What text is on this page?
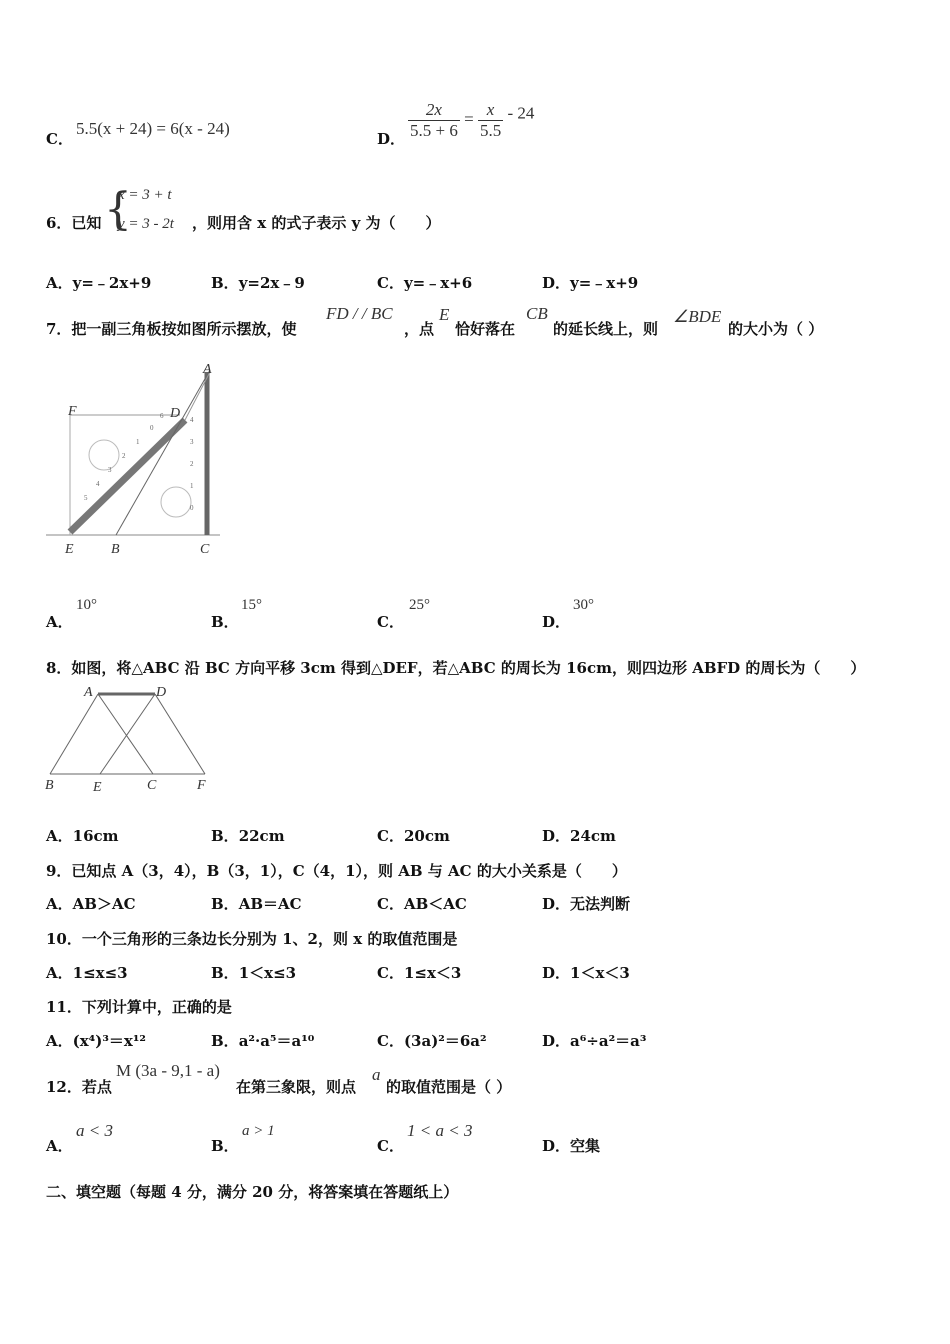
C．
5.5(x + 24) = 6(x - 24)
D． $\frac{2x}{5.5 + 6} = \frac{x}{5.5} - 24$
6．已知 {
x = 3 + t
y = 3 - 2t ，则用含 x 的式子表示 y 为（　　）
A．y=﹣2x+9	B．y=2x﹣9	C．y=﹣x+6	D．y=﹣x+9
7．把一副三角板按如图所示摆放，使
FD / / BC
，点
E
恰好落在
CB
的延长线上，则
∠BDE
的大小为（ ）
0
1
2
3
4
5
6
0
1
2
3
4
A
F	D
E	B	C
A．
10°
B．
15°
C．
25°
D．
30°
8．如图，将△ABC 沿 BC 方向平移 3cm 得到△DEF，若△ABC 的周长为 16cm，则四边形 ABFD 的周长为（　　）
A	D
B	E	C	F
A．16cm	B．22cm	C．20cm	D．24cm
9．已知点 A（3，4），B（3，1），C（4，1），则 AB 与 AC 的大小关系是（　　）
A．AB＞AC	B．AB＝AC	C．AB＜AC	D．无法判断
10．一个三角形的三条边长分别为 1、2，则 x 的取值范围是
A．1≤x≤3	B．1＜x≤3	C．1≤x＜3	D．1＜x＜3
11．下列计算中，正确的是
A．(x⁴)³＝x¹²	B．a²·a⁵＝a¹⁰	C．(3a)²＝6a²	D．a⁶÷a²＝a³
12．若点
M (3a - 9,1 - a)
在第三象限，则点
a
的取值范围是（ ）
A．
a < 3
B．
a > 1
C．
1 < a < 3
D．空集
二、填空题（每题 4 分，满分 20 分，将答案填在答题纸上）
